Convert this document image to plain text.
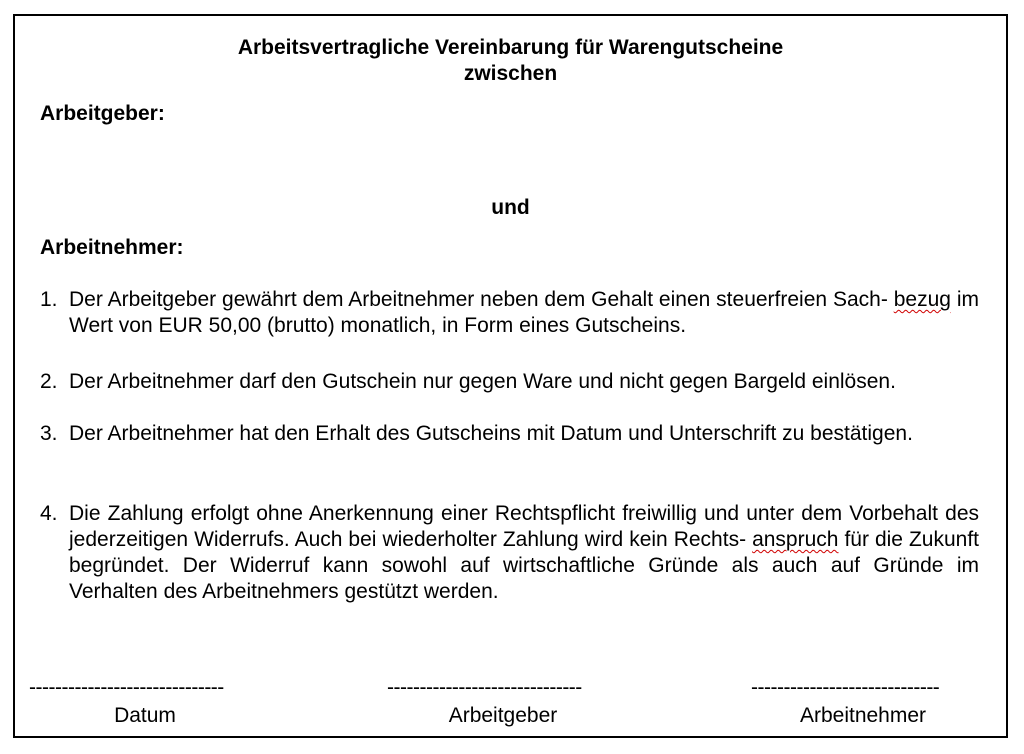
Arbeitsvertragliche Vereinbarung für Warengutscheine
zwischen
Arbeitgeber:
und
Arbeitnehmer:
1. Der Arbeitgeber gewährt dem Arbeitnehmer neben dem Gehalt einen steuerfreien Sach- bezug im Wert von EUR 50,00 (brutto) monatlich, in Form eines Gutscheins.
2. Der Arbeitnehmer darf den Gutschein nur gegen Ware und nicht gegen Bargeld einlösen.
3. Der Arbeitnehmer hat den Erhalt des Gutscheins mit Datum und Unterschrift zu bestätigen.
4. Die Zahlung erfolgt ohne Anerkennung einer Rechtspflicht freiwillig und unter dem Vorbehalt des jederzeitigen Widerrufs. Auch bei wiederholter Zahlung wird kein Rechts- anspruch für die Zukunft begründet. Der Widerruf kann sowohl auf wirtschaftliche Gründe als auch auf Gründe im Verhalten des Arbeitnehmers gestützt werden.
------------------------------	------------------------------	-----------------------------
Datum	Arbeitgeber	Arbeitnehmer
